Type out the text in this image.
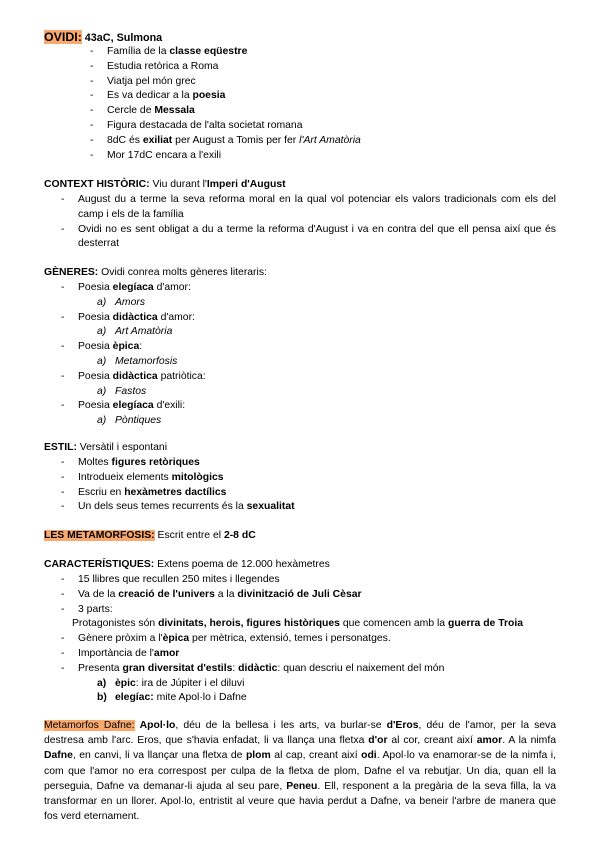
OVIDI: 43aC, Sulmona
- Família de la classe eqüestre
- Estudia retòrica a Roma
- Viatja pel món grec
- Es va dedicar a la poesia
- Cercle de Messala
- Figura destacada de l'alta societat romana
- 8dC és exiliat per August a Tomis per fer l'Art Amatòria
- Mor 17dC encara a l'exili
CONTEXT HISTÒRIC: Viu durant l'Imperi d'August
- August du a terme la seva reforma moral en la qual vol potenciar els valors tradicionals com els del camp i els de la família
- Ovidi no es sent obligat a du a terme la reforma d'August i va en contra del que ell pensa així que és desterrat
GÈNERES: Ovidi conrea molts gèneres literaris:
- Poesia elegíaca d'amor:
a) Amors
- Poesia didàctica d'amor:
a) Art Amatòria
- Poesia èpica:
a) Metamorfosis
- Poesia didàctica patriòtica:
a) Fastos
- Poesia elegíaca d'exili:
a) Pòntiques
ESTIL: Versàtil i espontani
- Moltes figures retòriques
- Introdueix elements mitològics
- Escriu en hexàmetres dactílics
- Un dels seus temes recurrents és la sexualitat
LES METAMORFOSIS: Escrit entre el 2-8 dC
CARACTERÍSTIQUES: Extens poema de 12.000 hexàmetres
- 15 llibres que recullen 250 mites i llegendes
- Va de la creació de l'univers a la divinització de Juli Cèsar
- 3 parts:
Protagonistes són divinitats, herois, figures històriques que comencen amb la guerra de Troia
- Gènere pròxim a l'èpica per mètrica, extensió, temes i personatges.
- Importància de l'amor
- Presenta gran diversitat d'estils: didàctic: quan descriu el naixement del món
a) èpic: ira de Júpiter i el diluvi
b) elegíac: mite Apol·lo i Dafne
Metamorfos Dafne: Apol·lo, déu de la bellesa i les arts, va burlar-se d'Eros, déu de l'amor, per la seva destresa amb l'arc. Eros, que s'havia enfadat, li va llança una fletxa d'or al cor, creant així amor. A la nimfa Dafne, en canvi, li va llançar una fletxa de plom al cap, creant així odi. Apol·lo va enamorar-se de la nimfa i, com que l'amor no era correspost per culpa de la fletxa de plom, Dafne el va rebutjar. Un dia, quan ell la perseguia, Dafne va demanar-li ajuda al seu pare, Peneu. Ell, responent a la pregària de la seva filla, la va transformar en un llorer. Apol·lo, entristit al veure que havia perdut a Dafne, va beneir l'arbre de manera que fos verd eternament.
